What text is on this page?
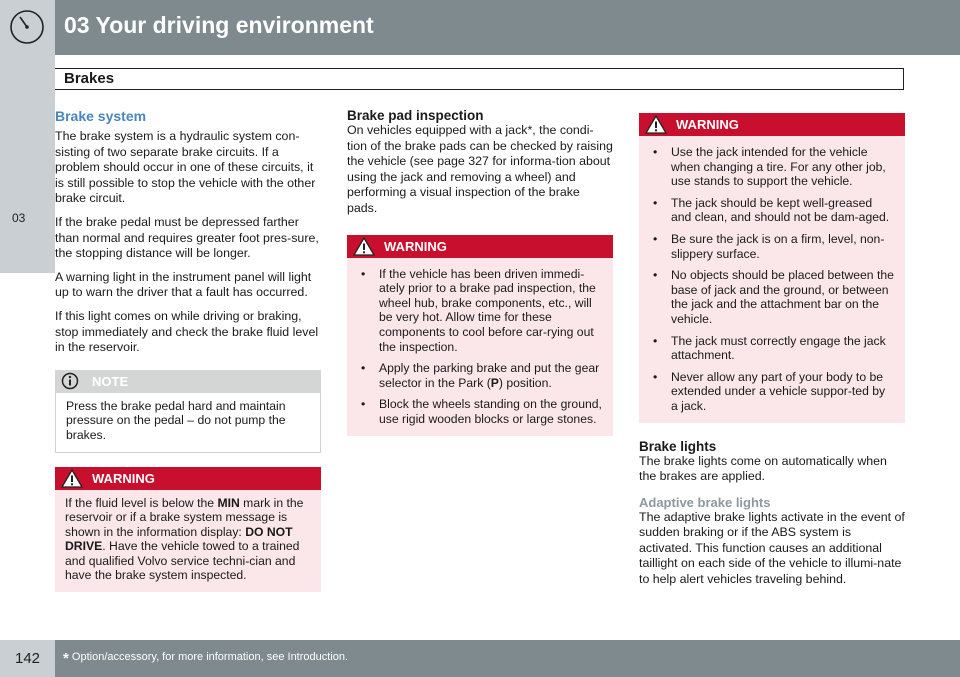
03 Your driving environment
Brakes
03
Brake system

The brake system is a hydraulic system con-sisting of two separate brake circuits. If a problem should occur in one of these circuits, it is still possible to stop the vehicle with the other brake circuit.

If the brake pedal must be depressed farther than normal and requires greater foot pres-sure, the stopping distance will be longer.

A warning light in the instrument panel will light up to warn the driver that a fault has occurred.

If this light comes on while driving or braking, stop immediately and check the brake fluid level in the reservoir.

NOTE
Press the brake pedal hard and maintain pressure on the pedal – do not pump the brakes.
WARNING
If the fluid level is below the MIN mark in the reservoir or if a brake system message is shown in the information display: DO NOT DRIVE. Have the vehicle towed to a trained and qualified Volvo service techni-cian and have the brake system inspected.
Brake pad inspection

On vehicles equipped with a jack*, the condi-tion of the brake pads can be checked by raising the vehicle (see page 327 for informa-tion about using the jack and removing a wheel) and performing a visual inspection of the brake pads.

WARNING
• If the vehicle has been driven immedi-ately prior to a brake pad inspection, the wheel hub, brake components, etc., will be very hot. Allow time for these components to cool before car-rying out the inspection.
• Apply the parking brake and put the gear selector in the Park (P) position.
• Block the wheels standing on the ground, use rigid wooden blocks or large stones.
WARNING
• Use the jack intended for the vehicle when changing a tire. For any other job, use stands to support the vehicle.
• The jack should be kept well-greased and clean, and should not be dam-aged.
• Be sure the jack is on a firm, level, non-slippery surface.
• No objects should be placed between the base of jack and the ground, or between the jack and the attachment bar on the vehicle.
• The jack must correctly engage the jack attachment.
• Never allow any part of your body to be extended under a vehicle suppor-ted by a jack.
Brake lights

The brake lights come on automatically when the brakes are applied.

Adaptive brake lights

The adaptive brake lights activate in the event of sudden braking or if the ABS system is activated. This function causes an additional taillight on each side of the vehicle to illumi-nate to help alert vehicles traveling behind.

142	* Option/accessory, for more information, see Introduction.
